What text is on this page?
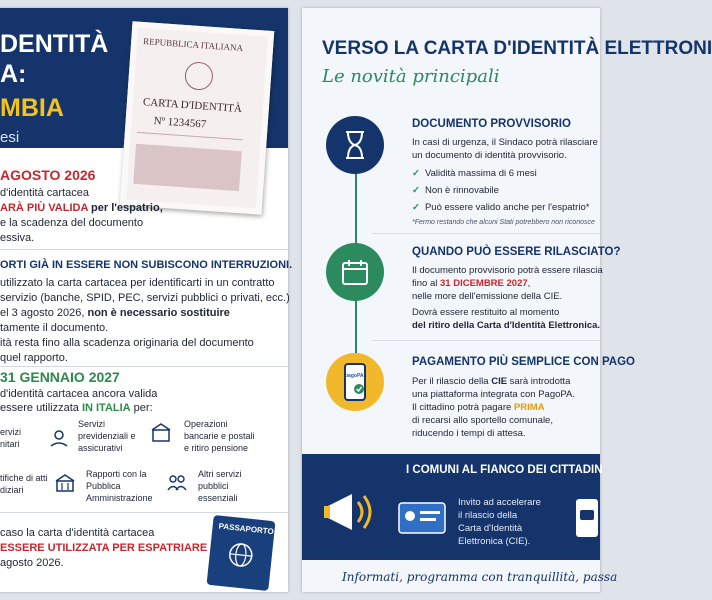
DENTITÀ
A:
MBIA
esi
REPUBBLICA ITALIANA
CARTA D'IDENTITÀ
Nº 1234567
AGOSTO 2026
d'identità cartacea
ARÀ PIÙ VALIDA per l'espatrio,
e la scadenza del documento
essiva.
ORTI GIÀ IN ESSERE NON SUBISCONO INTERRUZIONI.
utilizzato la carta cartacea per identificarti in un contratto
servizio (banche, SPID, PEC, servizi pubblici o privati, ecc.)
el 3 agosto 2026, non è necessario sostituire
tamente il documento.
ità resta fino alla scadenza originaria del documento
quel rapporto.
31 GENNAIO 2027
d'identità cartacea ancora valida
essere utilizzata IN ITALIA per:
ervizi
nitari
Servizi
previdenziali e
assicurativi
Operazioni
bancarie e postali
e ritiro pensione
tifiche di atti
diziari
Rapporti con la
Pubblica
Amministrazione
Altri servizi
pubblici
essenziali
caso la carta d'identità cartacea
ESSERE UTILIZZATA PER ESPATRIARE
agosto 2026.
PASSAPORTO
VERSO LA CARTA D'IDENTITÀ ELETTRONI
Le novità principali
DOCUMENTO PROVVISORIO
In casi di urgenza, il Sindaco potrà rilasciare
un documento di identità provvisorio.
✓ Validità massima di 6 mesi
✓ Non è rinnovabile
✓ Può essere valido anche per l'espatrio*
*Fermo restando che alcuni Stati potrebbero non riconosce
QUANDO PUÒ ESSERE RILASCIATO?
Il documento provvisorio potrà essere rilascia
fino al 31 DICEMBRE 2027,
nelle more dell'emissione della CIE.
Dovrà essere restituito al momento
del ritiro della Carta d'Identità Elettronica.
pagoPA
PAGAMENTO PIÙ SEMPLICE CON PAGO
Per il rilascio della CIE sarà introdotta
una piattaforma integrata con PagoPA.
Il cittadino potrà pagare PRIMA
di recarsi allo sportello comunale,
riducendo i tempi di attesa.
I COMUNI AL FIANCO DEI CITTADIN
Invito ad accelerare
il rilascio della
Carta d'Identità
Elettronica (CIE).
Informati, programma con tranquillità, passa
